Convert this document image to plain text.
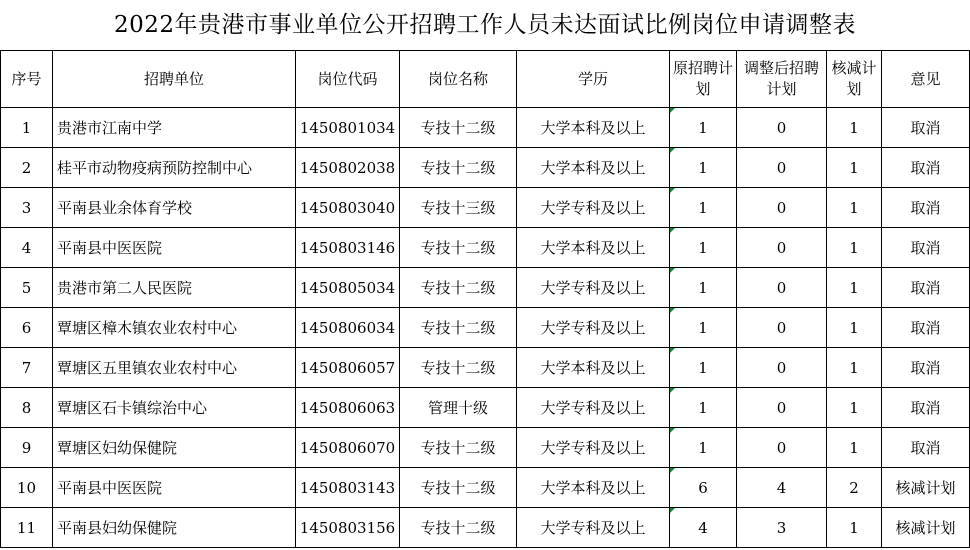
2022年贵港市事业单位公开招聘工作人员未达面试比例岗位申请调整表
序号	招聘单位	岗位代码	岗位名称	学历	原招聘计划	调整后招聘计划	核减计划	意见
1	贵港市江南中学	1450801034	专技十二级	大学本科及以上	1	0	1	取消
2	桂平市动物疫病预防控制中心	1450802038	专技十二级	大学本科及以上	1	0	1	取消
3	平南县业余体育学校	1450803040	专技十三级	大学专科及以上	1	0	1	取消
4	平南县中医医院	1450803146	专技十二级	大学本科及以上	1	0	1	取消
5	贵港市第二人民医院	1450805034	专技十二级	大学专科及以上	1	0	1	取消
6	覃塘区樟木镇农业农村中心	1450806034	专技十二级	大学专科及以上	1	0	1	取消
7	覃塘区五里镇农业农村中心	1450806057	专技十二级	大学本科及以上	1	0	1	取消
8	覃塘区石卡镇综治中心	1450806063	管理十级	大学专科及以上	1	0	1	取消
9	覃塘区妇幼保健院	1450806070	专技十二级	大学专科及以上	1	0	1	取消
10	平南县中医医院	1450803143	专技十二级	大学本科及以上	6	4	2	核减计划
11	平南县妇幼保健院	1450803156	专技十二级	大学专科及以上	4	3	1	核减计划
